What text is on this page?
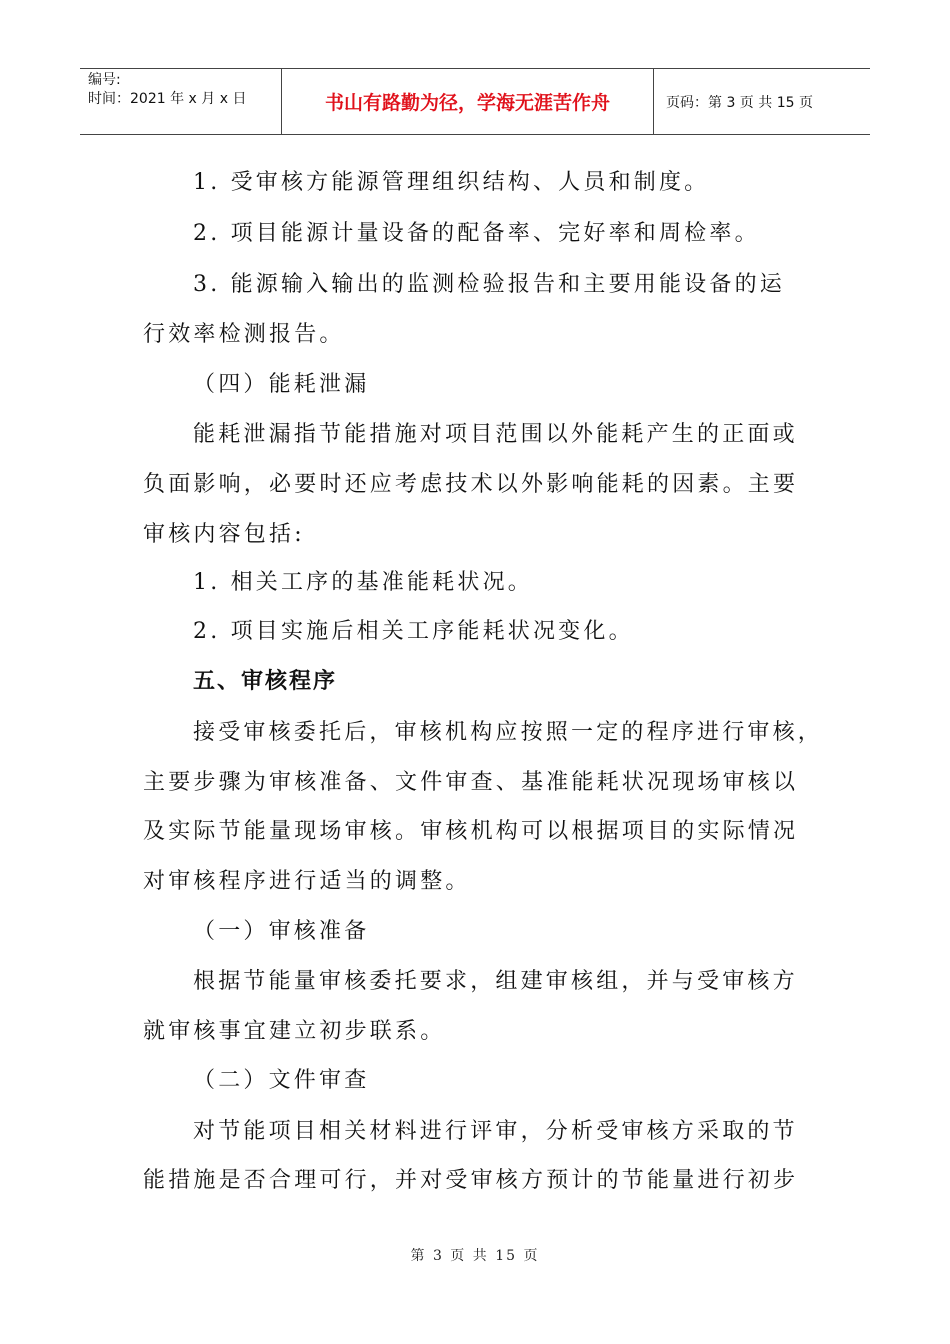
编号:
时间：2021 年 x 月 x 日	书山有路勤为径，学海无涯苦作舟	页码：第 3 页 共 15 页
1. 受审核方能源管理组织结构、人员和制度。
2. 项目能源计量设备的配备率、完好率和周检率。
3. 能源输入输出的监测检验报告和主要用能设备的运
行效率检测报告。
（四）能耗泄漏
能耗泄漏指节能措施对项目范围以外能耗产生的正面或
负面影响，必要时还应考虑技术以外影响能耗的因素。主要
审核内容包括:
1. 相关工序的基准能耗状况。
2. 项目实施后相关工序能耗状况变化。
五、审核程序
接受审核委托后，审核机构应按照一定的程序进行审核，
主要步骤为审核准备、文件审查、基准能耗状况现场审核以
及实际节能量现场审核。审核机构可以根据项目的实际情况
对审核程序进行适当的调整。
（一）审核准备
根据节能量审核委托要求，组建审核组，并与受审核方
就审核事宜建立初步联系。
（二）文件审查
对节能项目相关材料进行评审，分析受审核方采取的节
能措施是否合理可行，并对受审核方预计的节能量进行初步
第 3 页 共 15 页
